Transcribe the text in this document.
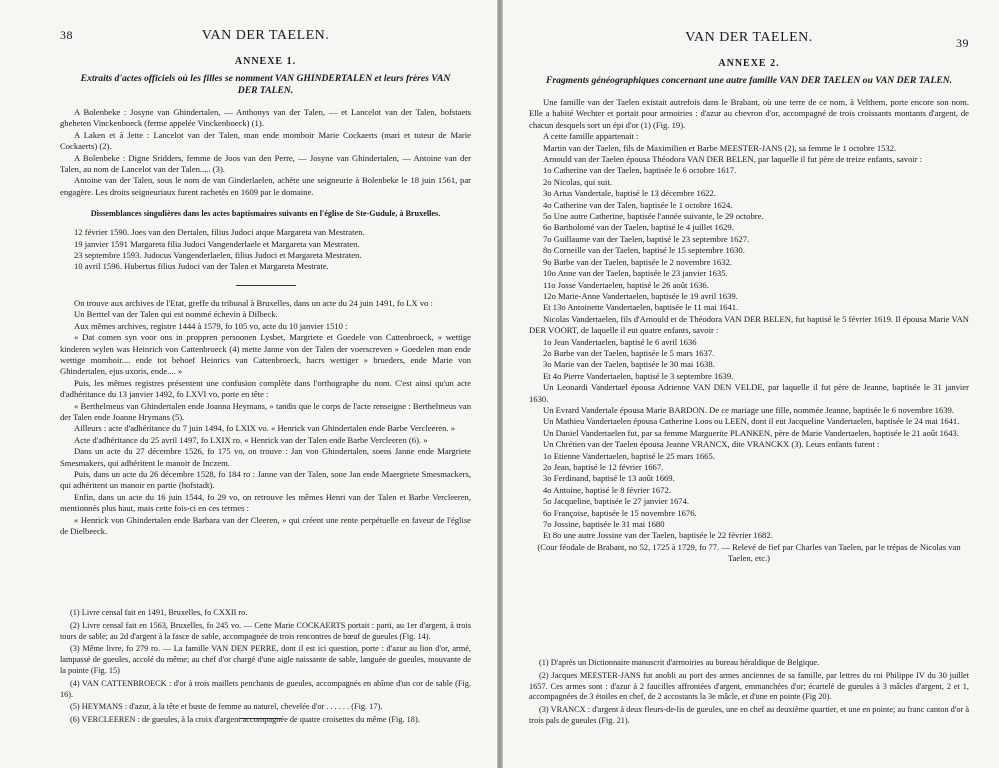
38	VAN DER TAELEN.
ANNEXE 1.
Extraits d'actes officiels où les filles se nomment VAN GHINDERTALEN et leurs frères VAN DER TALEN.

A Bolenbeke : Josyne van Ghindertalen, — Anthonys van der Talen, — et Lancelot van der Talen, bofstaets gheheten Vinckenboeck (ferme appelée Vinckenboeck) (1).

A Laken et à Jette : Lancelot van der Talen, man ende momboir Marie Cockaerts (mari et tuteur de Marie Cockaerts) (2).

A Bolenbeke : Digne Sridders, femme de Joos van den Perre, — Josyne van Ghindertalen, — Antoine van der Talen, au nom de Lancelot van der Talen..... (3).

Antoine van der Talen, sous le nom de van Ginderlaelen, achète une seigneurie à Bolenbeke le 18 juin 1561, par engagère. Les droits seigneuriaux furent rachetés en 1609 par le domaine.

Dissemblances singulières dans les actes baptismaires suivants en l'église de Ste-Gudule, à Bruxelles.

12 février 1590. Joes van den Dertalen, filius Judoci atque Margareta van Mestraten.

19 janvier 1591 Margareta filia Judoci Vangenderlaele et Margareta van Mestraten.

23 septembre 1593. Judocus Vangenderlaelen, filius Judoci et Margareta Mestraten.

10 avril 1596. Hubertus filius Judoci van der Talen et Margareta Mestrate.

On trouve aux archives de l'Etat, greffe du tribunal à Bruxelles, dans un acte du 24 juin 1491, fo LX vo :

Un Berttel van der Talen qui est nommé échevin à Dilbeck.

Aux mêmes archives, registre 1444 à 1579, fo 105 vo, acte du 10 janvier 1510 :

« Dat comen syn voor ons in proppren persoonen Lysbet, Margriete et Goedele von Cattenbroeck, » wettige kinderen wylen was Heinrich von Cattenbroeck (4) mette Janne von der Talen der voerscreven » Goedelen man ende wettige momboir.... ende tot behoef Heinrics van Cattenbroeck, hacrs wettiger » brueders, ende Marie von Ghindertalen, ejus uxoris, ende.... »

Puis, les mêmes registres présentent une confusion complète dans l'orthographe du nom. C'est ainsi qu'un acte d'adhéritance du 13 janvier 1492, fo LXVI vo, porte en tête :

« Berthelmeus van Ghindertalen ende Joanna Heymans, » tandis que le corps de l'acte renseigne : Berthelmeus van der Talen ende Joanne Hrymans (5).

Ailleurs : acte d'adhéritance du 7 juin 1494, fo LXIX vo. « Henrick van Ghindertalen ende Barbe Vercleeren. »

Acte d'adhéritance du 25 avril 1497, fo LXIX ro. « Henrick van der Talen ende Barbe Vercleeren (6). »

Dans un acte du 27 décembre 1526, fo 175 vo, on trouve : Jan von Ghindertalen, soens Janne ende Margriete Smesmakers, qui adhéritent le manoir de Inczem.

Puis, dans un acte du 26 décembre 1528, fo 184 ro : Janne van der Talen, sone Jan ende Maergriete Smesmackers, qui adhéritent un manoir en partie (hofstadt).

Enfin, dans un acte du 16 juin 1544, fo 29 vo, on retrouve les mêmes Henri van der Talen et Barbe Vercleeren, mentionnés plus haut, mais cette fois-ci en ces termes :

« Henrick von Ghindertalen ende Barbara van der Cleeren, » qui créent une rente perpétuelle en faveur de l'église de Dielbeeck.

(1) Livre censal fait en 1491, Bruxelles, fo CXXII ro.

(2) Livre censal fait en 1563, Bruxelles, fo 245 vo. — Cette Marie COCKAERTS portait : parti, au 1er d'argent, à trois tours de sable; au 2d d'argent à la fasce de sable, accompagnée de trois rencontres de bœuf de gueules (Fig. 14).

(3) Même livre, fo 279 ro. — La famille VAN DEN PERRE, dont il est ici question, porte : d'azur au lion d'or, armé, lampassé de gueules, accolé du même; au chef d'or chargé d'une aigle naissante de sable, languée de gueules, mouvante de la pointe (Fig. 15)

(4) VAN CATTENBROECK : d'or à trois maillets penchants de gueules, accompagnés en abîme d'un cor de sable (Fig. 16).

(5) HEYMANS : d'azur, à la tête et buste de femme au naturel, chevelée d'or . . . . . . (Fig. 17).

(6) VERCLEEREN : de gueules, à la croix d'argent accompagnée de quatre croisettes du même (Fig. 18).

VAN DER TAELEN.	39
ANNEXE 2.
Fragments généographiques concernant une autre famille VAN DER TAELEN ou VAN DER TALEN.

Une famille van der Taelen existait autrefois dans le Brabant, où une terre de ce nom, à Velthem, porte encore son nom. Elle a habité Wechter et portait pour armoiries : d'azur au chevron d'or, accompagné de trois croissants montants d'argent, de chacun desquels sort un épi d'or (1) (Fig. 19).

A cette famille appartenait :

Martin van der Taelen, fils de Maximilien et Barbe MEESTER-JANS (2), sa femme le 1 octobre 1532.

Arnould van der Taelen épousa Théodora VAN DER BELEN, par laquelle il fut père de treize enfants, savoir :

1o Catherine van der Taelen, baptisée le 6 octobre 1617.

2o Nicolas, qui suit.

3o Artus Vandertale, baptisé le 13 décembre 1622.

4o Catherine van der Talen, baptisée le 1 octobre 1624.

5o Une autre Catherine, baptisée l'année suivante, le 29 octobre.

6o Bartholomé van der Taelen, baptisé le 4 juillet 1629.

7o Guillaume van der Taelen, baptisé le 23 septembre 1627.

8o Corneille van der Taelen, baptisé le 15 septembre 1630.

9o Barbe van der Taelen, baptisée le 2 novembre 1632.

10o Anne van der Taelen, baptisée le 23 janvier 1635.

11o Josse Vandertaelen, baptisé le 26 août 1636.

12o Marie-Anne Vandertaelen, baptisée le 19 avril 1639.

Et 13o Antoinette Vandertaelen, baptisée le 11 mai 1641.

Nicolas Vandertaelen, fils d'Arnould et de Théodora VAN DER BELEN, fut baptisé le 5 février 1619. Il épousa Marie VAN DER VOORT, de laquelle il eut quatre enfants, savoir :

1o Jean Vandertaelen, baptisé le 6 avril 1636

2o Barbe van der Taelen, baptisée le 5 mars 1637.

3o Marie van der Taelen, baptisée le 30 mai 1638.

Et 4o Pierre Vandertaelen, baptisé le 3 septembre 1639.

Un Leonardi Vandertael épousa Adrienne VAN DEN VELDE, par laquelle il fut père de Jeanne, baptisée le 31 janvier 1630.

Un Evrard Vandertale épousa Marie BARDON. De ce mariage une fille, nommée Jeanne, baptisée le 6 novembre 1639.

Un Mathieu Vandertaelen épousa Catherine Loos ou LEEN, dont il eut Jacqueline Vandertaelen, baptisée le 24 mai 1641.

Un Daniel Vandertaelen fut, par sa femme Marguerite PLANKEN, père de Marie Vandertaelen, baptisée le 21 août 1643.

Un Chrétien van der Taelen épousa Jeanne VRANCX, dite VRANCKX (3). Leurs enfants furent :

1o Etienne Vandertaelen, baptisé le 25 mars 1665.

2o Jean, baptisé le 12 février 1667.

3o Ferdinand, baptisé le 13 août 1669.

4o Antoine, baptisé le 8 février 1672.

5o Jacqueline, baptisée le 27 janvier 1674.

6o Françoise, baptisée le 15 novembre 1676.

7o Jossine, baptisée le 31 mai 1680

Et 8o une autre Jossine van der Taelen, baptisée le 22 février 1682.

(Cour féodale de Brabant, no 52, 1725 à 1729, fo 77. — Relevé de fief par Charles van Taelen, par le trépas de Nicolas van Taelen, etc.)

(1) D'après un Dictionnaire manuscrit d'armoiries au bureau héraldique de Belgique.

(2) Jacques MEESTER-JANS fut anobli au port des armes anciennes de sa famille, par lettres du roi Philippe IV du 30 juillet 1657. Ces armes sont : d'azur à 2 faucilles affrontées d'argent, emmanchées d'or; écartelé de gueules à 3 mâcles d'argent, 2 et 1, accompagnées de 3 étoiles en chef, de 2 accostants la 3e mâcle, et d'une en pointe (Fig 20).

(3) VRANCX : d'argent à deux fleurs-de-lis de gueules, une en chef au deuxième quartier, et une en pointe; au franc canton d'or à trois pals de gueules (Fig. 21).
